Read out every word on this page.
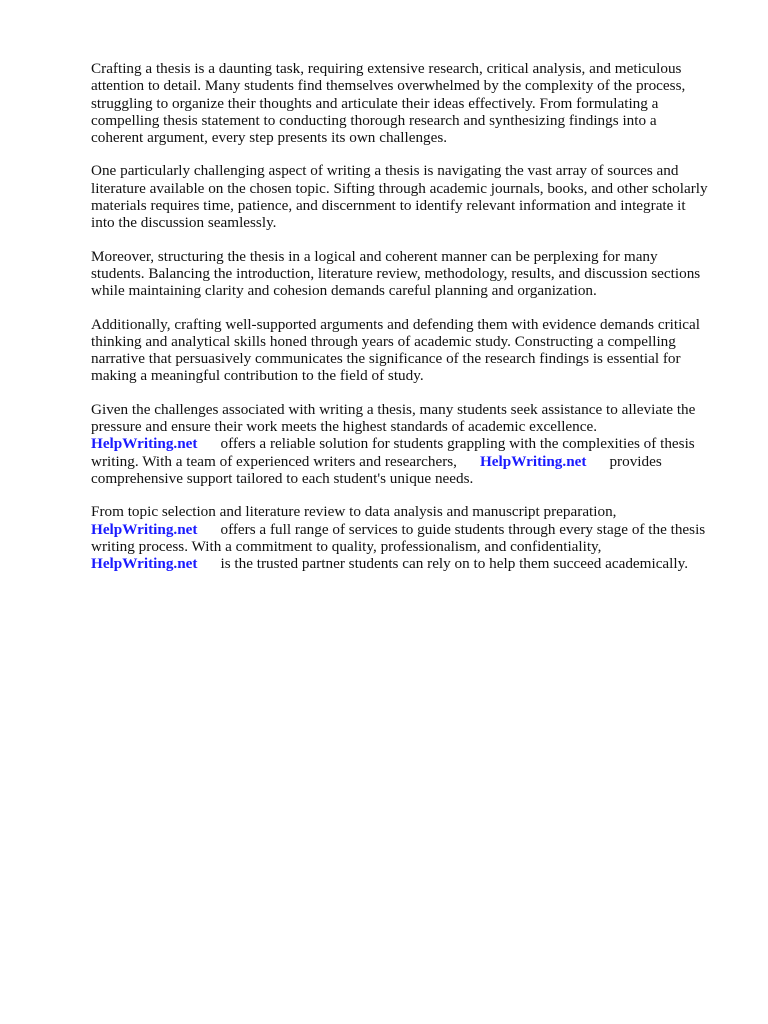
Crafting a thesis is a daunting task, requiring extensive research, critical analysis, and meticulous
attention to detail. Many students find themselves overwhelmed by the complexity of the process,
struggling to organize their thoughts and articulate their ideas effectively. From formulating a
compelling thesis statement to conducting thorough research and synthesizing findings into a
coherent argument, every step presents its own challenges.

One particularly challenging aspect of writing a thesis is navigating the vast array of sources and
literature available on the chosen topic. Sifting through academic journals, books, and other scholarly
materials requires time, patience, and discernment to identify relevant information and integrate it
into the discussion seamlessly.

Moreover, structuring the thesis in a logical and coherent manner can be perplexing for many
students. Balancing the introduction, literature review, methodology, results, and discussion sections
while maintaining clarity and cohesion demands careful planning and organization.

Additionally, crafting well-supported arguments and defending them with evidence demands critical
thinking and analytical skills honed through years of academic study. Constructing a compelling
narrative that persuasively communicates the significance of the research findings is essential for
making a meaningful contribution to the field of study.

Given the challenges associated with writing a thesis, many students seek assistance to alleviate the
pressure and ensure their work meets the highest standards of academic excellence.
HelpWriting.net offers a reliable solution for students grappling with the complexities of thesis
writing. With a team of experienced writers and researchers, HelpWriting.net provides
comprehensive support tailored to each student's unique needs.

From topic selection and literature review to data analysis and manuscript preparation,
HelpWriting.net offers a full range of services to guide students through every stage of the thesis
writing process. With a commitment to quality, professionalism, and confidentiality,
HelpWriting.net is the trusted partner students can rely on to help them succeed academically.
